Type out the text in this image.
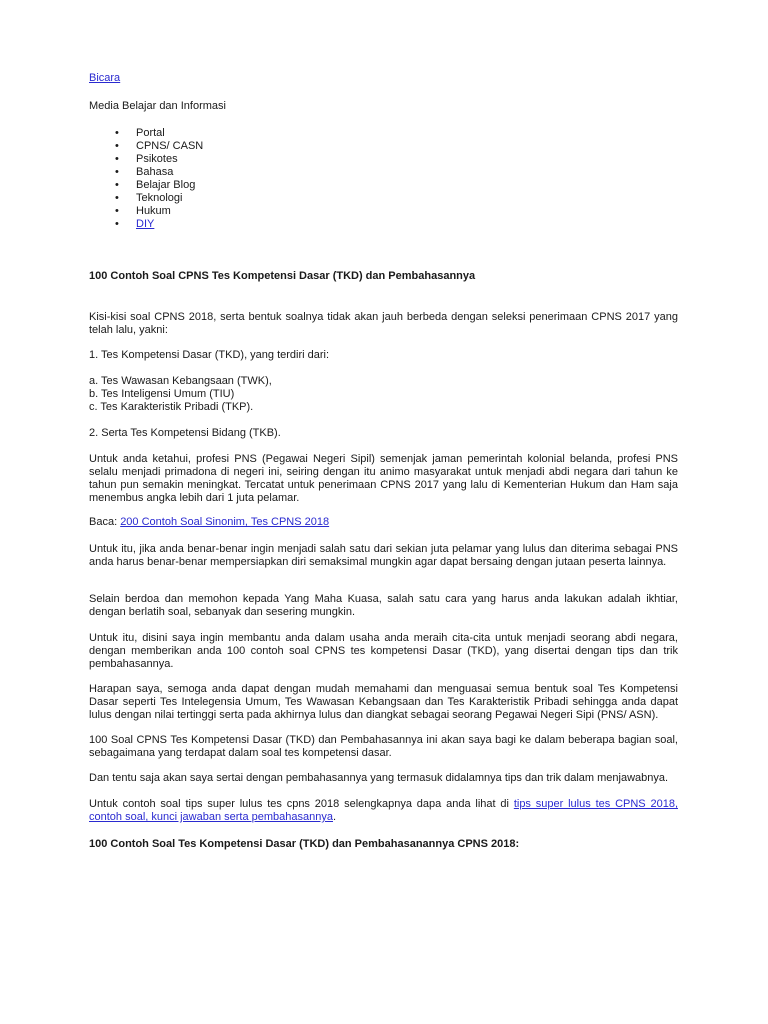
Bicara
Media Belajar dan Informasi
• Portal
• CPNS/ CASN
• Psikotes
• Bahasa
• Belajar Blog
• Teknologi
• Hukum
• DIY
100 Contoh Soal CPNS Tes Kompetensi Dasar (TKD) dan Pembahasannya

Kisi-kisi soal CPNS 2018, serta bentuk soalnya tidak akan jauh berbeda dengan seleksi penerimaan CPNS 2017 yang telah lalu, yakni:

1. Tes Kompetensi Dasar (TKD), yang terdiri dari:
a. Tes Wawasan Kebangsaan (TWK),
b. Tes Inteligensi Umum (TIU)
c. Tes Karakteristik Pribadi (TKP).
2. Serta Tes Kompetensi Bidang (TKB).

Untuk anda ketahui, profesi PNS (Pegawai Negeri Sipil) semenjak jaman pemerintah kolonial belanda, profesi PNS selalu menjadi primadona di negeri ini, seiring dengan itu animo masyarakat untuk menjadi abdi negara dari tahun ke tahun pun semakin meningkat. Tercatat untuk penerimaan CPNS 2017 yang lalu di Kementerian Hukum dan Ham saja menembus angka lebih dari 1 juta pelamar.

Baca: 200 Contoh Soal Sinonim, Tes CPNS 2018

Untuk itu, jika anda benar-benar ingin menjadi salah satu dari sekian juta pelamar yang lulus dan diterima sebagai PNS anda harus benar-benar mempersiapkan diri semaksimal mungkin agar dapat bersaing dengan jutaan peserta lainnya.

Selain berdoa dan memohon kepada Yang Maha Kuasa, salah satu cara yang harus anda lakukan adalah ikhtiar, dengan berlatih soal, sebanyak dan sesering mungkin.

Untuk itu, disini saya ingin membantu anda dalam usaha anda meraih cita-cita untuk menjadi seorang abdi negara, dengan memberikan anda 100 contoh soal CPNS tes kompetensi Dasar (TKD), yang disertai dengan tips dan trik pembahasannya.

Harapan saya, semoga anda dapat dengan mudah memahami dan menguasai semua bentuk soal Tes Kompetensi Dasar seperti Tes Intelegensia Umum, Tes Wawasan Kebangsaan dan Tes Karakteristik Pribadi sehingga anda dapat lulus dengan nilai tertinggi serta pada akhirnya lulus dan diangkat sebagai seorang Pegawai Negeri Sipi (PNS/ ASN).

100 Soal CPNS Tes Kompetensi Dasar (TKD) dan Pembahasannya ini akan saya bagi ke dalam beberapa bagian soal, sebagaimana yang terdapat dalam soal tes kompetensi dasar.

Dan tentu saja akan saya sertai dengan pembahasannya yang termasuk didalamnya tips dan trik dalam menjawabnya.

Untuk contoh soal tips super lulus tes cpns 2018 selengkapnya dapa anda lihat di tips super lulus tes CPNS 2018, contoh soal, kunci jawaban serta pembahasannya.

100 Contoh Soal Tes Kompetensi Dasar (TKD) dan Pembahasanannya CPNS 2018:
